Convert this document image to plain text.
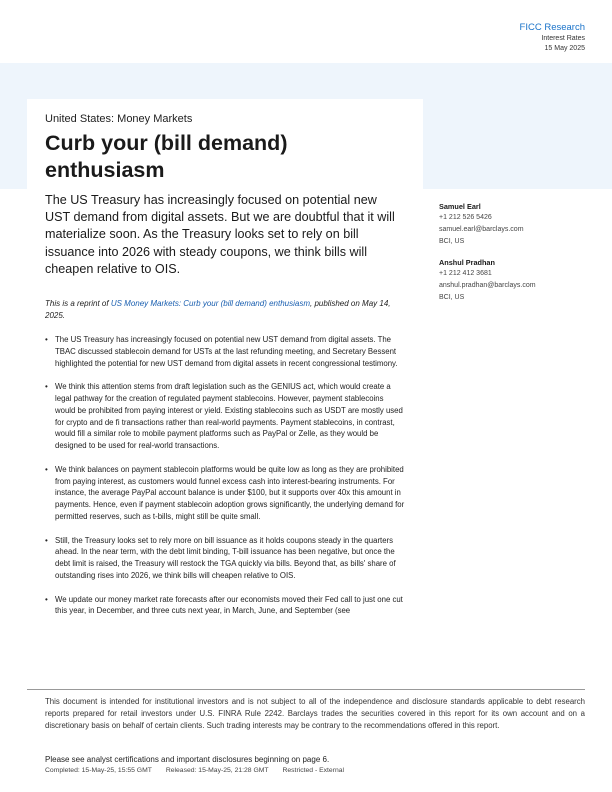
FICC Research
Interest Rates
15 May 2025
United States: Money Markets
Curb your (bill demand) enthusiasm

The US Treasury has increasingly focused on potential new UST demand from digital assets. But we are doubtful that it will materialize soon. As the Treasury looks set to rely on bill issuance into 2026 with steady coupons, we think bills will cheapen relative to OIS.

This is a reprint of US Money Markets: Curb your (bill demand) enthusiasm, published on May 14, 2025.

• The US Treasury has increasingly focused on potential new UST demand from digital assets. The TBAC discussed stablecoin demand for USTs at the last refunding meeting, and Secretary Bessent highlighted the potential for new UST demand from digital assets in recent congressional testimony.
• We think this attention stems from draft legislation such as the GENIUS act, which would create a legal pathway for the creation of regulated payment stablecoins. However, payment stablecoins would be prohibited from paying interest or yield. Existing stablecoins such as USDT are mostly used for crypto and de fi transactions rather than real-world payments. Payment stablecoins, in contrast, would fill a similar role to mobile payment platforms such as PayPal or Zelle, as they would be designed to be used for real-world transactions.
• We think balances on payment stablecoin platforms would be quite low as long as they are prohibited from paying interest, as customers would funnel excess cash into interest-bearing instruments. For instance, the average PayPal account balance is under $100, but it supports over 40x this amount in payments. Hence, even if payment stablecoin adoption grows significantly, the underlying demand for permitted reserves, such as t-bills, might still be quite small.
• Still, the Treasury looks set to rely more on bill issuance as it holds coupons steady in the quarters ahead. In the near term, with the debt limit binding, T-bill issuance has been negative, but once the debt limit is raised, the Treasury will restock the TGA quickly via bills. Beyond that, as bills' share of outstanding rises into 2026, we think bills will cheapen relative to OIS.
• We update our money market rate forecasts after our economists moved their Fed call to just one cut this year, in December, and three cuts next year, in March, June, and September (see
Samuel Earl
+1 212 526 5426
samuel.earl@barclays.com
BCI, US
Anshul Pradhan
+1 212 412 3681
anshul.pradhan@barclays.com
BCI, US

This document is intended for institutional investors and is not subject to all of the independence and disclosure standards applicable to debt research reports prepared for retail investors under U.S. FINRA Rule 2242. Barclays trades the securities covered in this report for its own account and on a discretionary basis on behalf of certain clients. Such trading interests may be contrary to the recommendations offered in this report.

Please see analyst certifications and important disclosures beginning on page 6.
Completed: 15-May-25, 15:55 GMT Released: 15-May-25, 21:28 GMT Restricted - External
